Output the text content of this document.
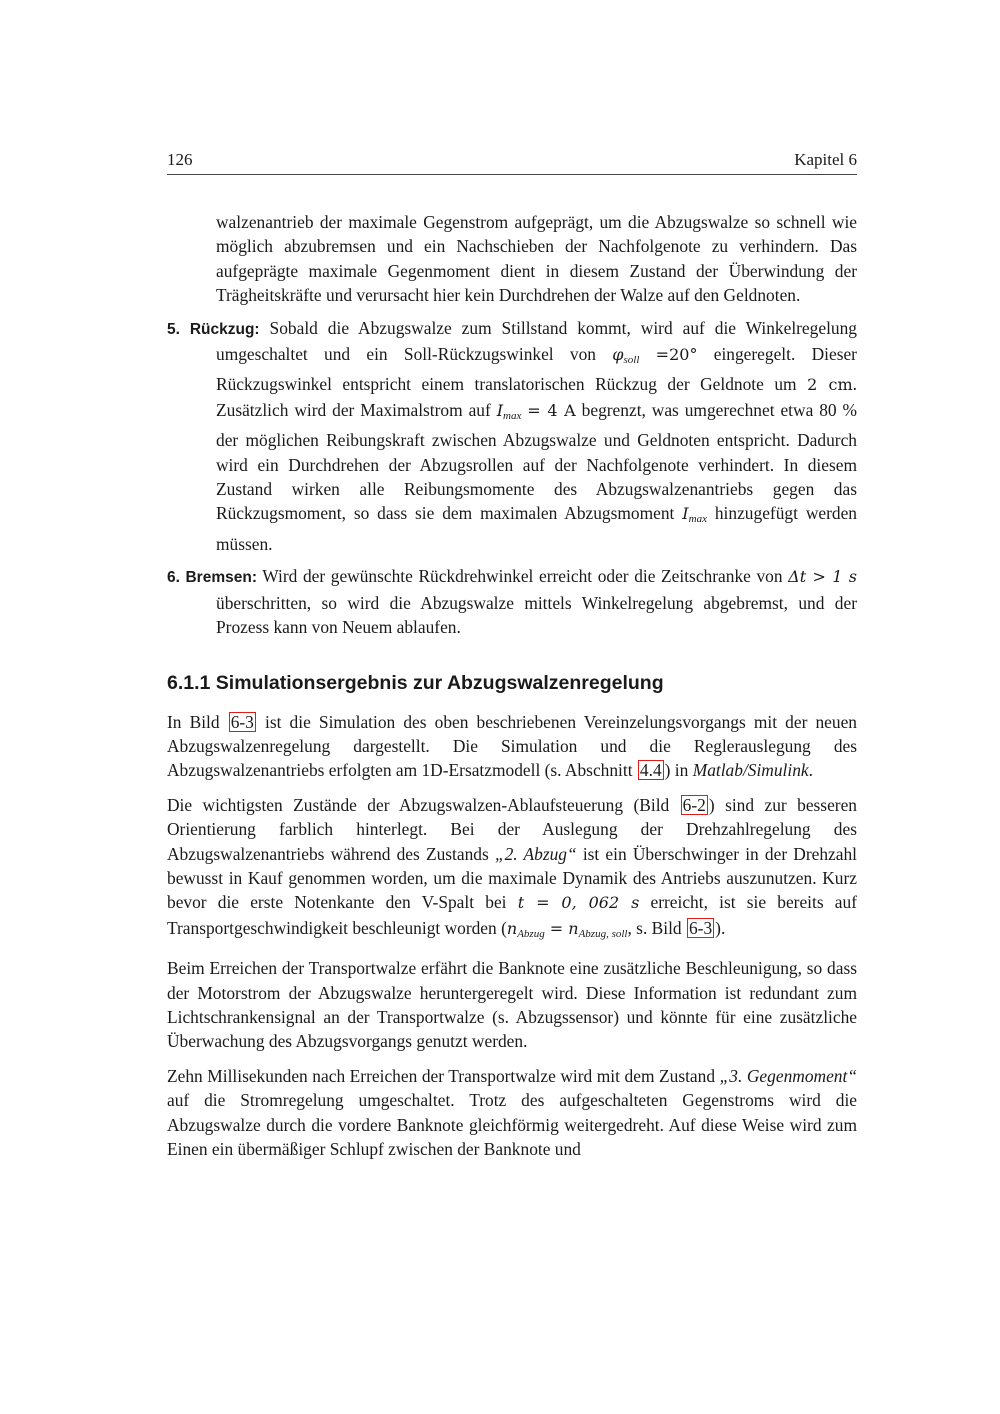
126	Kapitel 6
walzenantrieb der maximale Gegenstrom aufgeprägt, um die Abzugswalze so schnell wie möglich abzubremsen und ein Nachschieben der Nachfolgenote zu verhindern. Das aufgeprägte maximale Gegenmoment dient in diesem Zustand der Überwindung der Trägheitskräfte und verursacht hier kein Durchdrehen der Walze auf den Geldnoten.
5. Rückzug: Sobald die Abzugswalze zum Stillstand kommt, wird auf die Winkelregelung umgeschaltet und ein Soll-Rückzugswinkel von $\varphi_{soll} =20^\circ$ eingeregelt. Dieser Rückzugswinkel entspricht einem translatorischen Rückzug der Geldnote um 2 cm. Zusätzlich wird der Maximalstrom auf $I_{max} = 4$ A begrenzt, was umgerechnet etwa 80 % der möglichen Reibungskraft zwischen Abzugswalze und Geldnoten entspricht. Dadurch wird ein Durchdrehen der Abzugsrollen auf der Nachfolgenote verhindert. In diesem Zustand wirken alle Reibungsmomente des Abzugswalzenantriebs gegen das Rückzugsmoment, so dass sie dem maximalen Abzugsmoment $I_{max}$ hinzugefügt werden müssen.
6. Bremsen: Wird der gewünschte Rückdrehwinkel erreicht oder die Zeitschranke von Δt > 1 s überschritten, so wird die Abzugswalze mittels Winkelregelung abgebremst, und der Prozess kann von Neuem ablaufen.
6.1.1 Simulationsergebnis zur Abzugswalzenregelung

In Bild 6-3 ist die Simulation des oben beschriebenen Vereinzelungsvorgangs mit der neuen Abzugswalzenregelung dargestellt. Die Simulation und die Reglerauslegung des Abzugswalzenantriebs erfolgten am 1D-Ersatzmodell (s. Abschnitt 4.4 ) in Matlab/Simulink.

Die wichtigsten Zustände der Abzugswalzen-Ablaufsteuerung (Bild 6-2 ) sind zur besseren Orientierung farblich hinterlegt. Bei der Auslegung der Drehzahlregelung des Abzugswalzenantriebs während des Zustands „2. Abzug“ ist ein Überschwinger in der Drehzahl bewusst in Kauf genommen worden, um die maximale Dynamik des Antriebs auszunutzen. Kurz bevor die erste Notenkante den V-Spalt bei t = 0, 062 s erreicht, ist sie bereits auf Transportgeschwindigkeit beschleunigt worden ($n_{Abzug} = n_{Abzug, soll}$, s. Bild 6-3 ).

Beim Erreichen der Transportwalze erfährt die Banknote eine zusätzliche Beschleunigung, so dass der Motorstrom der Abzugswalze heruntergeregelt wird. Diese Information ist redundant zum Lichtschrankensignal an der Transportwalze (s. Abzugssensor) und könnte für eine zusätzliche Überwachung des Abzugsvorgangs genutzt werden.

Zehn Millisekunden nach Erreichen der Transportwalze wird mit dem Zustand „3. Gegenmoment“ auf die Stromregelung umgeschaltet. Trotz des aufgeschalteten Gegenstroms wird die Abzugswalze durch die vordere Banknote gleichförmig weitergedreht. Auf diese Weise wird zum Einen ein übermäßiger Schlupf zwischen der Banknote und
